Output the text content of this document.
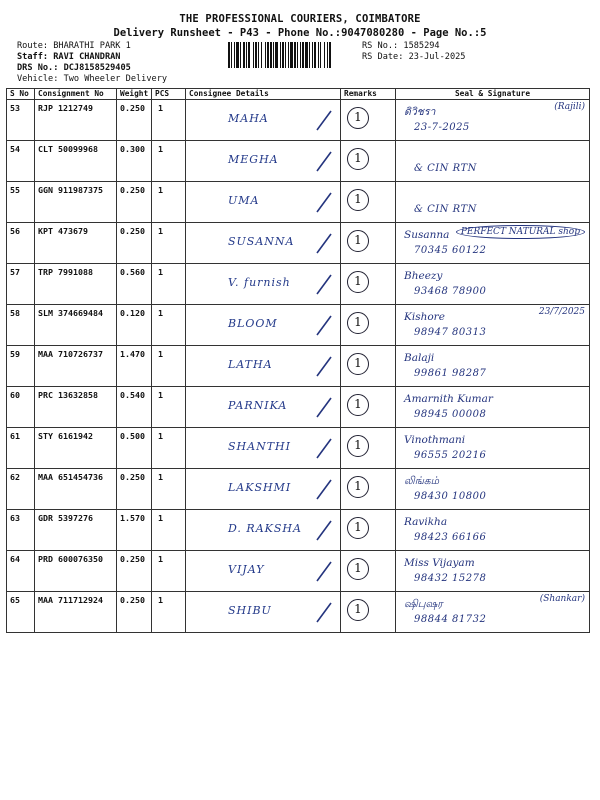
THE PROFESSIONAL COURIERS, COIMBATORE
Delivery Runsheet - P43 - Phone No.:9047080280 - Page No.:5
Route: BHARATHI PARK 1
Staff: RAVI CHANDRAN
DRS No.: DCJ8158529405
Vehicle: Two Wheeler Delivery
RS No.: 1585294
RS Date: 23-Jul-2025
S No	Consignment No	Weight	PCS	Consignee Details	Remarks	Seal & Signature
53	RJP 1212749	0.250	1	MAHA	1	ดิวิชรา
23-7-2025
(Rajili)

54	CLT 50099968	0.300	1	MEGHA	1	& CIN RTN

55	GGN 911987375	0.250	1	UMA	1	& CIN RTN

56	KPT 473679	0.250	1	SUSANNA	1	Susanna
70345 60122
PERFECT NATURAL shop

57	TRP 7991088	0.560	1	V. furnish	1	Bheezy
93468 78900

58	SLM 374669484	0.120	1	BLOOM	1	Kishore
98947 80313
23/7/2025

59	MAA 710726737	1.470	1	LATHA	1	Balaji
99861 98287

60	PRC 13632858	0.540	1	PARNIKA	1	Amarnith Kumar
98945 00008

61	STY 6161942	0.500	1	SHANTHI	1	Vinothmani
96555 20216

62	MAA 651454736	0.250	1	LAKSHMI	1	லிங்கம்
98430 10800

63	GDR 5397276	1.570	1	D. RAKSHA	1	Ravikha
98423 66166

64	PRD 600076350	0.250	1	VIJAY	1	Miss Vijayam
98432 15278

65	MAA 711712924	0.250	1	SHIBU	1	ஷிபுஷர
98844 81732
(Shankar)
